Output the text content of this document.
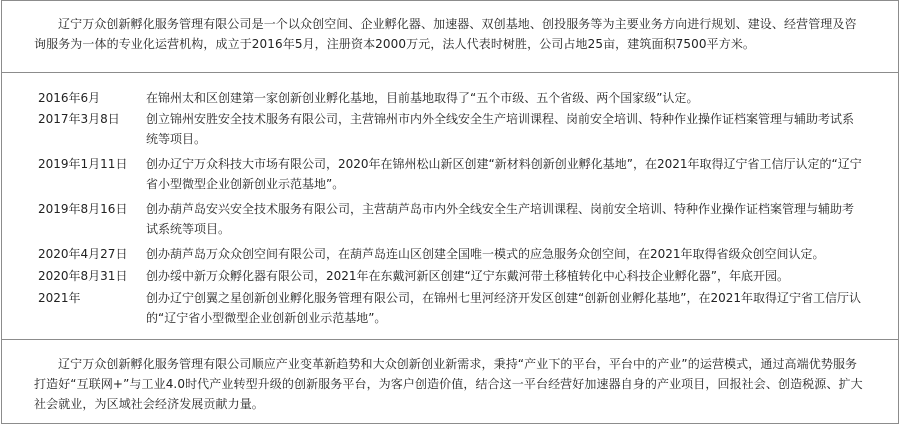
辽宁万众创新孵化服务管理有限公司是一个以众创空间、企业孵化器、加速器、双创基地、创投服务等为主要业务方向进行规划、建设、经营管理及咨询服务为一体的专业化运营机构，成立于2016年5月，注册资本2000万元，法人代表时树胜，公司占地25亩，建筑面积7500平方米。

2016年6月	在锦州太和区创建第一家创新创业孵化基地，目前基地取得了“五个市级、五个省级、两个国家级”认定。
2017年3月8日	创立锦州安胜安全技术服务有限公司，主营锦州市内外全线安全生产培训课程、岗前安全培训、特种作业操作证档案管理与辅助考试系统等项目。
2019年1月11日	创办辽宁万众科技大市场有限公司，2020年在锦州松山新区创建“新材料创新创业孵化基地”，在2021年取得辽宁省工信厅认定的“辽宁省小型微型企业创新创业示范基地”。
2019年8月16日	创办葫芦岛安兴安全技术服务有限公司，主营葫芦岛市内外全线安全生产培训课程、岗前安全培训、特种作业操作证档案管理与辅助考试系统等项目。
2020年4月27日	创办葫芦岛万众众创空间有限公司，在葫芦岛连山区创建全国唯一模式的应急服务众创空间，在2021年取得省级众创空间认定。
2020年8月31日	创办绥中新万众孵化器有限公司，2021年在东戴河新区创建“辽宁东戴河带土移植转化中心科技企业孵化器”，年底开园。
2021年	创办辽宁创翼之星创新创业孵化服务管理有限公司，在锦州七里河经济开发区创建“创新创业孵化基地”，在2021年取得辽宁省工信厅认的“辽宁省小型微型企业创新创业示范基地”。

辽宁万众创新孵化服务管理有限公司顺应产业变革新趋势和大众创新创业新需求，秉持“产业下的平台，平台中的产业”的运营模式，通过高端优势服务打造好“互联网+”与工业4.0时代产业转型升级的创新服务平台，为客户创造价值，结合这一平台经营好加速器自身的产业项目，回报社会、创造税源、扩大社会就业，为区域社会经济发展贡献力量。
